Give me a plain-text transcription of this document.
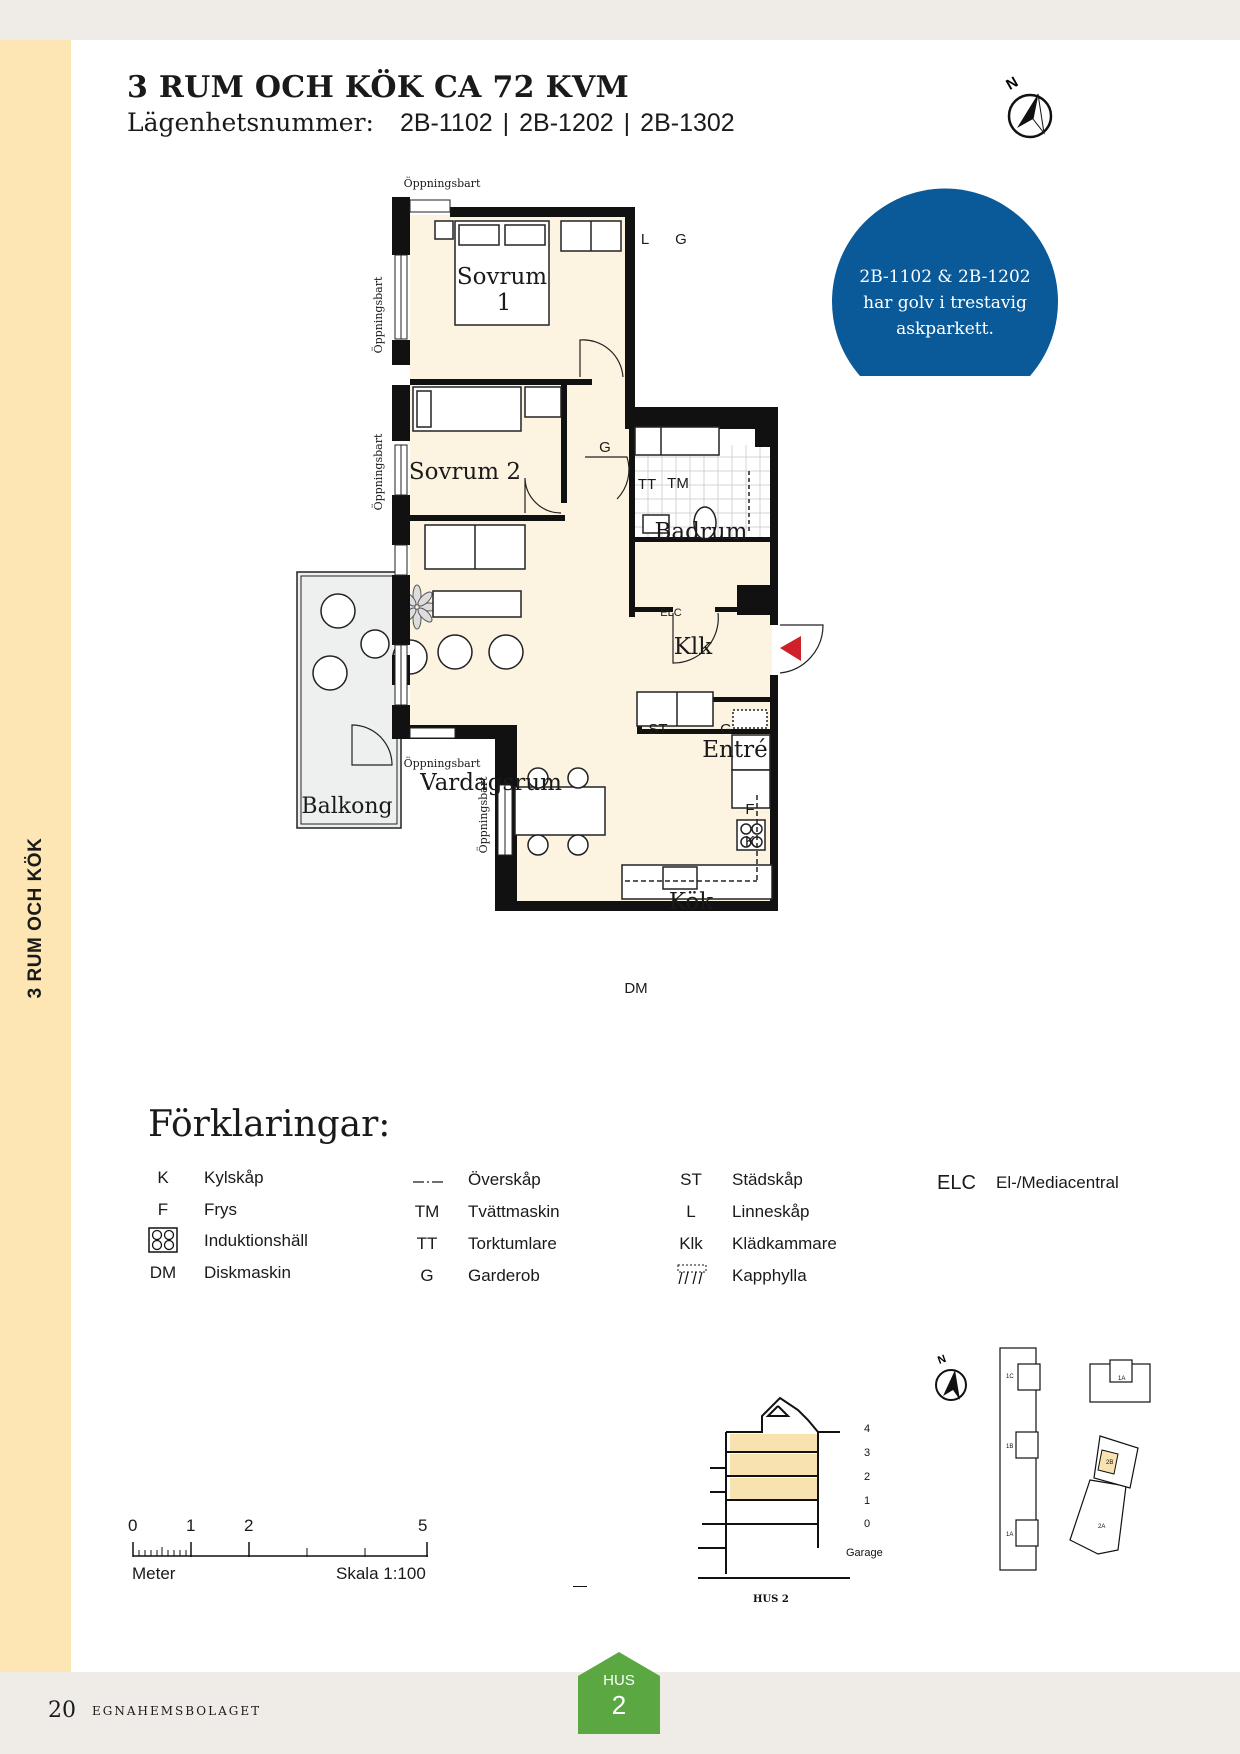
3 RUM OCH KÖK
3 RUM OCH KÖK CA 72 KVM
Lägenhetsnummer: 2B-1102 | 2B-1202 | 2B-1302
N
Sovrum
1
Sovrum 2
Badrum
Klk
Entré
Vardagsrum
Kök
Balkong
L G
G
G
TT TM
F
K
ELC
ST
DM
Öppningsbart
Öppningsbart
Öppningsbart
Öppningsbart
Öppningsbart
2B-1102 & 2B-1202
har golv i trestavig
askparkett.
Förklaringar:
K	Kylskåp
F	Frys
Induktionshäll
DM	Diskmaskin
Överskåp
TM	Tvättmaskin
TT	Torktumlare
G	Garderob
ST	Städskåp
L	Linneskåp
Klk	Klädkammare
Kapphylla
ELC El-/Mediacentral
0	1	2	5
Meter	Skala 1:100
4
3
2
1
0
Garage
HUS 2
N
1C
1B
1A
1A
2B
2A
20 EGNAHEMSBOLAGET
HUS
2
